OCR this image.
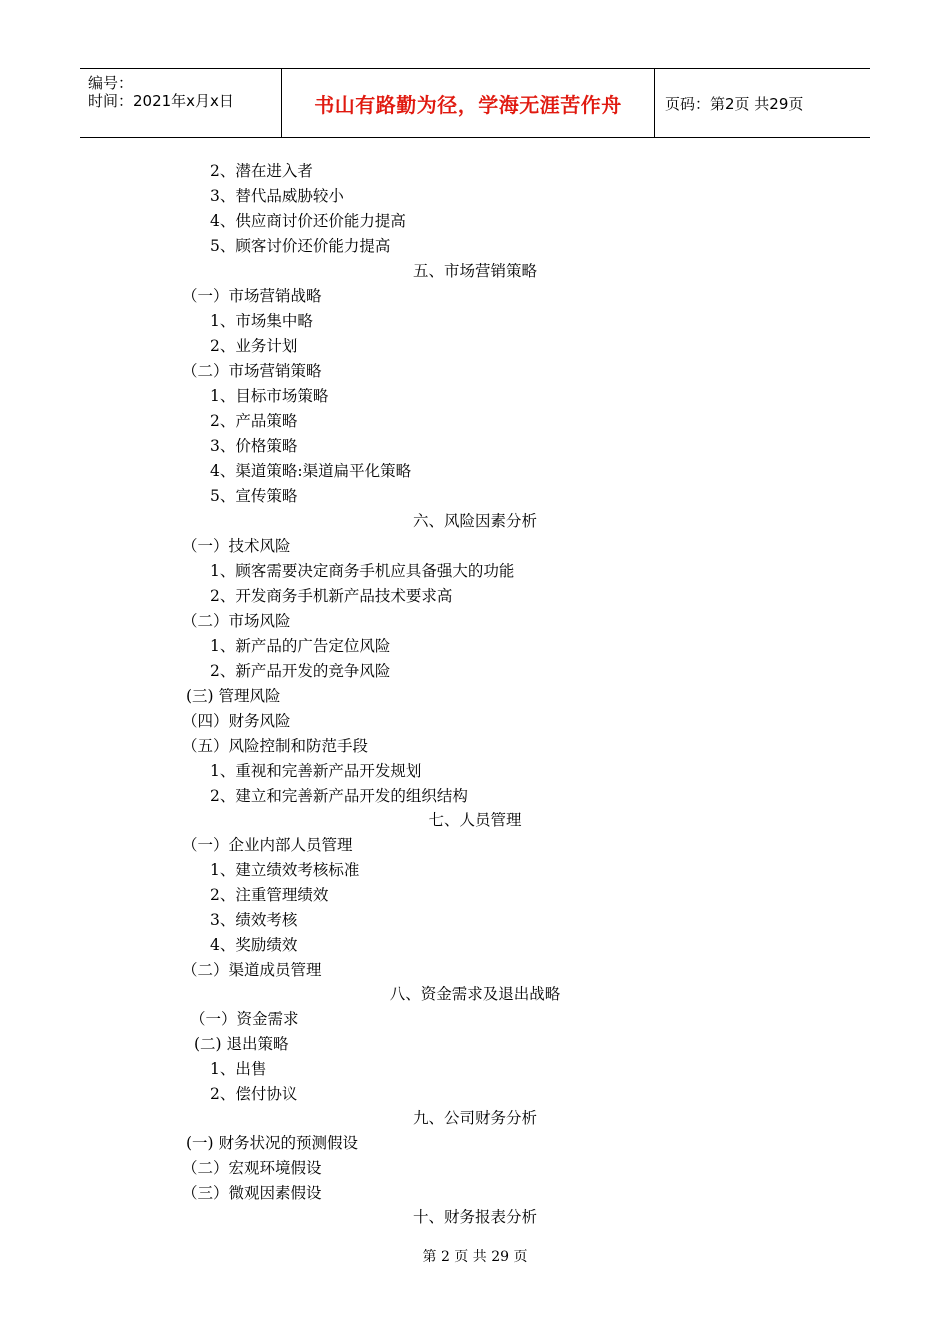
编号：
时间：2021年x月x日	书山有路勤为径，学海无涯苦作舟	页码：第2页 共29页
2、潜在进入者
3、替代品威胁较小
4、供应商讨价还价能力提高
5、顾客讨价还价能力提高
五、市场营销策略
（一）市场营销战略
1、市场集中略
2、业务计划
（二）市场营销策略
1、目标市场策略
2、产品策略
3、价格策略
4、渠道策略:渠道扁平化策略
5、宣传策略
六、风险因素分析
（一）技术风险
1、顾客需要决定商务手机应具备强大的功能
2、开发商务手机新产品技术要求高
（二）市场风险
1、新产品的广告定位风险
2、新产品开发的竞争风险
(三) 管理风险
（四）财务风险
（五）风险控制和防范手段
1、重视和完善新产品开发规划
2、建立和完善新产品开发的组织结构
七、人员管理
（一）企业内部人员管理
1、建立绩效考核标准
2、注重管理绩效
3、绩效考核
4、奖励绩效
（二）渠道成员管理
八、资金需求及退出战略
（一）资金需求
(二) 退出策略
1、出售
2、偿付协议
九、公司财务分析
(一) 财务状况的预测假设
（二）宏观环境假设
（三）微观因素假设
十、财务报表分析
第 2 页 共 29 页
